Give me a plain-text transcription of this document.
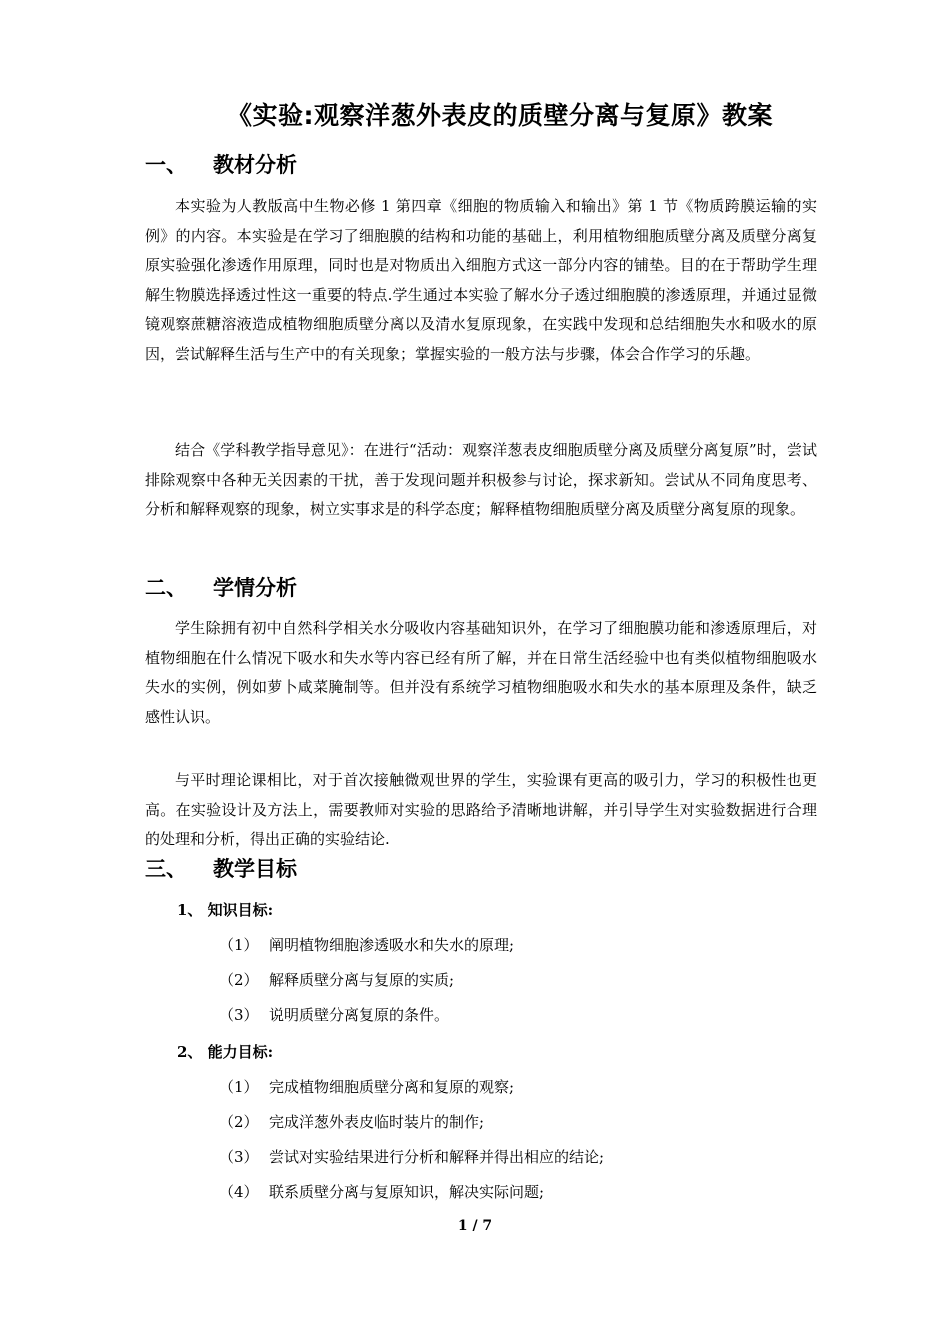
《实验:观察洋葱外表皮的质壁分离与复原》教案
一、 教材分析

本实验为人教版高中生物必修 1 第四章《细胞的物质输入和输出》第 1 节《物质跨膜运输的实例》的内容。本实验是在学习了细胞膜的结构和功能的基础上，利用植物细胞质壁分离及质壁分离复原实验强化渗透作用原理，同时也是对物质出入细胞方式这一部分内容的铺垫。目的在于帮助学生理解生物膜选择透过性这一重要的特点.学生通过本实验了解水分子透过细胞膜的渗透原理，并通过显微镜观察蔗糖溶液造成植物细胞质壁分离以及清水复原现象，在实践中发现和总结细胞失水和吸水的原因，尝试解释生活与生产中的有关现象；掌握实验的一般方法与步骤，体会合作学习的乐趣。

结合《学科教学指导意见》：在进行“活动：观察洋葱表皮细胞质壁分离及质壁分离复原”时，尝试排除观察中各种无关因素的干扰，善于发现问题并积极参与讨论，探求新知。尝试从不同角度思考、分析和解释观察的现象，树立实事求是的科学态度；解释植物细胞质壁分离及质壁分离复原的现象。

二、 学情分析

学生除拥有初中自然科学相关水分吸收内容基础知识外，在学习了细胞膜功能和渗透原理后，对植物细胞在什么情况下吸水和失水等内容已经有所了解，并在日常生活经验中也有类似植物细胞吸水失水的实例，例如萝卜咸菜腌制等。但并没有系统学习植物细胞吸水和失水的基本原理及条件，缺乏感性认识。

与平时理论课相比，对于首次接触微观世界的学生，实验课有更高的吸引力，学习的积极性也更高。在实验设计及方法上，需要教师对实验的思路给予清晰地讲解，并引导学生对实验数据进行合理的处理和分析，得出正确的实验结论.

三、 教学目标
1、 知识目标:
（1） 阐明植物细胞渗透吸水和失水的原理;
（2） 解释质壁分离与复原的实质;
（3） 说明质壁分离复原的条件。
2、 能力目标:
（1） 完成植物细胞质壁分离和复原的观察;
（2） 完成洋葱外表皮临时装片的制作;
（3） 尝试对实验结果进行分析和解释并得出相应的结论;
（4） 联系质壁分离与复原知识，解决实际问题;
1 / 7
